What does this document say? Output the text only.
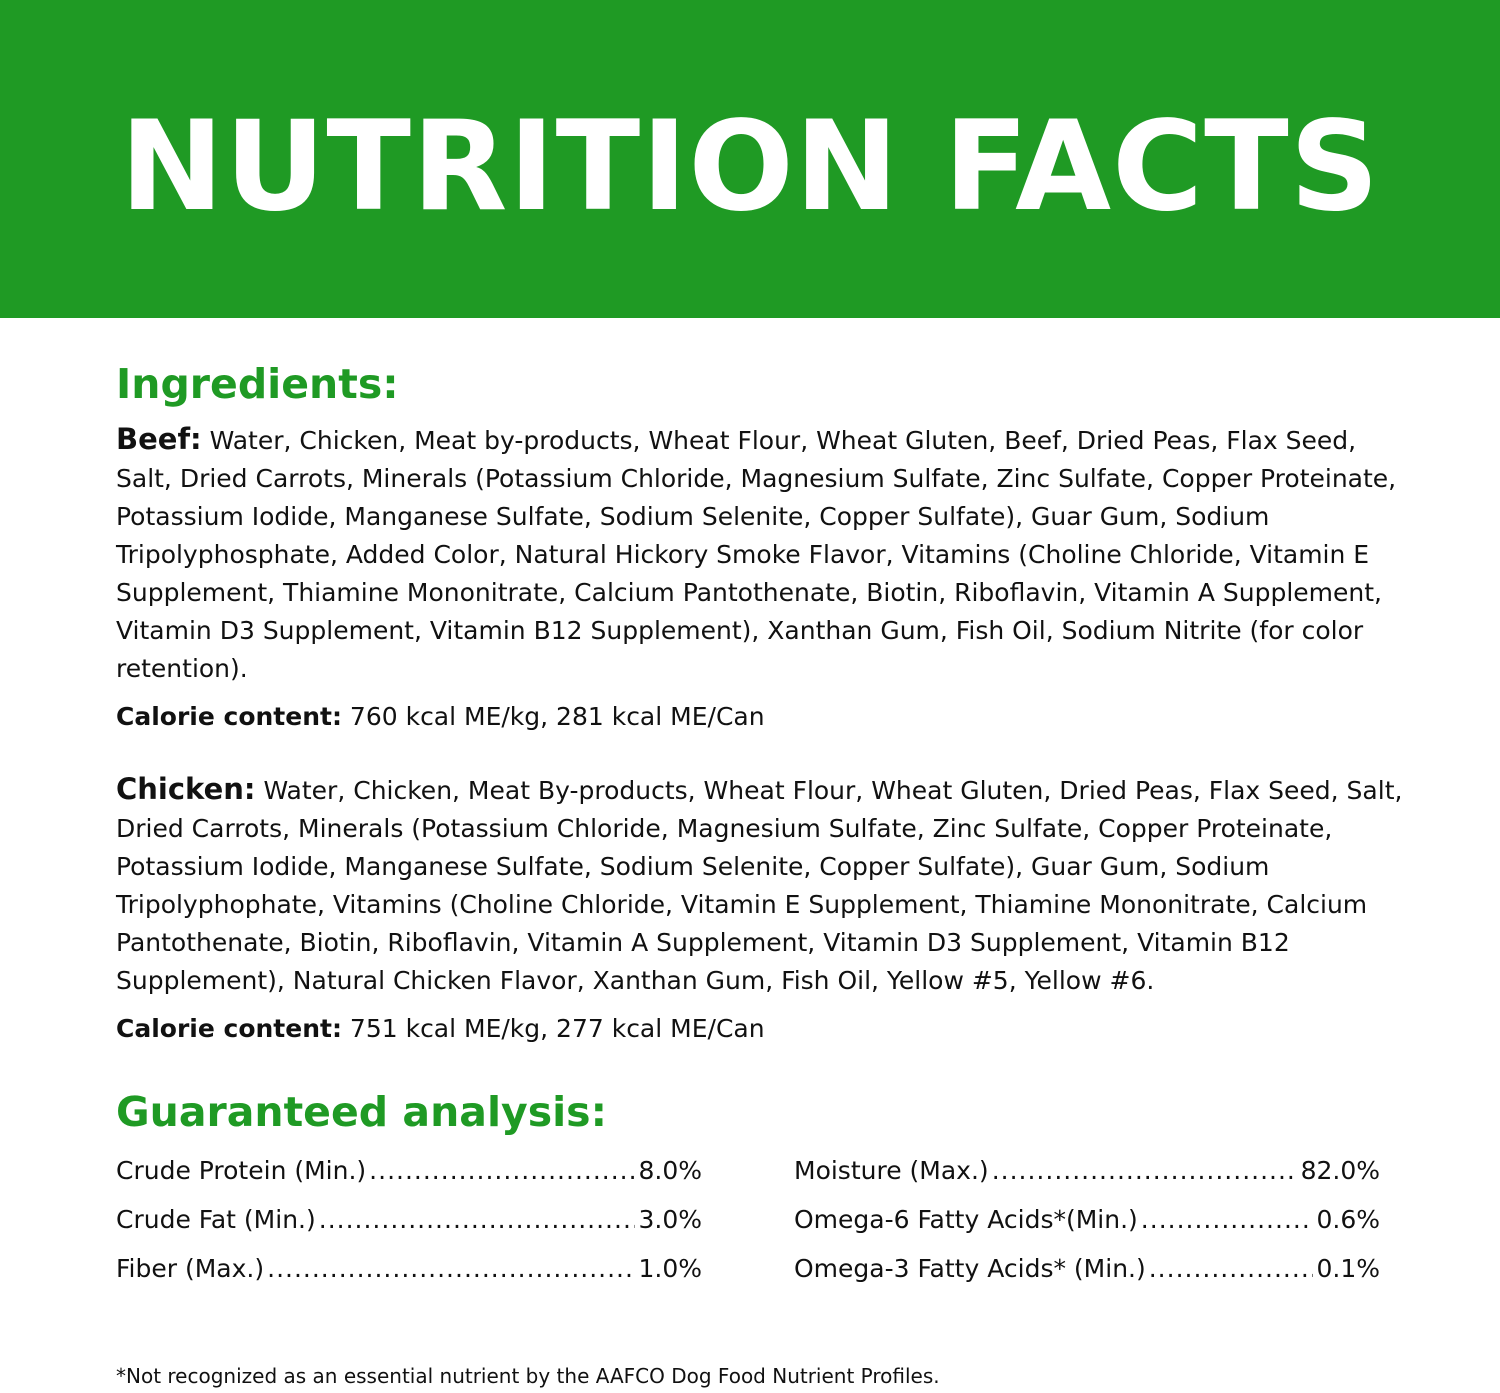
NUTRITION FACTS
Ingredients:

Beef: Water, Chicken, Meat by-products, Wheat Flour, Wheat Gluten, Beef, Dried Peas, Flax Seed, Salt, Dried Carrots, Minerals (Potassium Chloride, Magnesium Sulfate, Zinc Sulfate, Copper Proteinate, Potassium Iodide, Manganese Sulfate, Sodium Selenite, Copper Sulfate), Guar Gum, Sodium Tripolyphosphate, Added Color, Natural Hickory Smoke Flavor, Vitamins (Choline Chloride, Vitamin E Supplement, Thiamine Mononitrate, Calcium Pantothenate, Biotin, Riboflavin, Vitamin A Supplement, Vitamin D3 Supplement, Vitamin B12 Supplement), Xanthan Gum, Fish Oil, Sodium Nitrite (for color retention).

Calorie content: 760 kcal ME/kg, 281 kcal ME/Can

Chicken: Water, Chicken, Meat By-products, Wheat Flour, Wheat Gluten, Dried Peas, Flax Seed, Salt, Dried Carrots, Minerals (Potassium Chloride, Magnesium Sulfate, Zinc Sulfate, Copper Proteinate, Potassium Iodide, Manganese Sulfate, Sodium Selenite, Copper Sulfate), Guar Gum, Sodium Tripolyphophate, Vitamins (Choline Chloride, Vitamin E Supplement, Thiamine Mononitrate, Calcium Pantothenate, Biotin, Riboflavin, Vitamin A Supplement, Vitamin D3 Supplement, Vitamin B12 Supplement), Natural Chicken Flavor, Xanthan Gum, Fish Oil, Yellow #5, Yellow #6.

Calorie content: 751 kcal ME/kg, 277 kcal ME/Can
Guaranteed analysis:
Crude Protein (Min.) .....	8.0%
Crude Fat (Min.) .....	3.0%
Fiber (Max.) .....	1.0%
Moisture (Max.) .....	82.0%
Omega-6 Fatty Acids*(Min.) .....	0.6%
Omega-3 Fatty Acids* (Min.) .....	0.1%
*Not recognized as an essential nutrient by the AAFCO Dog Food Nutrient Profiles.
